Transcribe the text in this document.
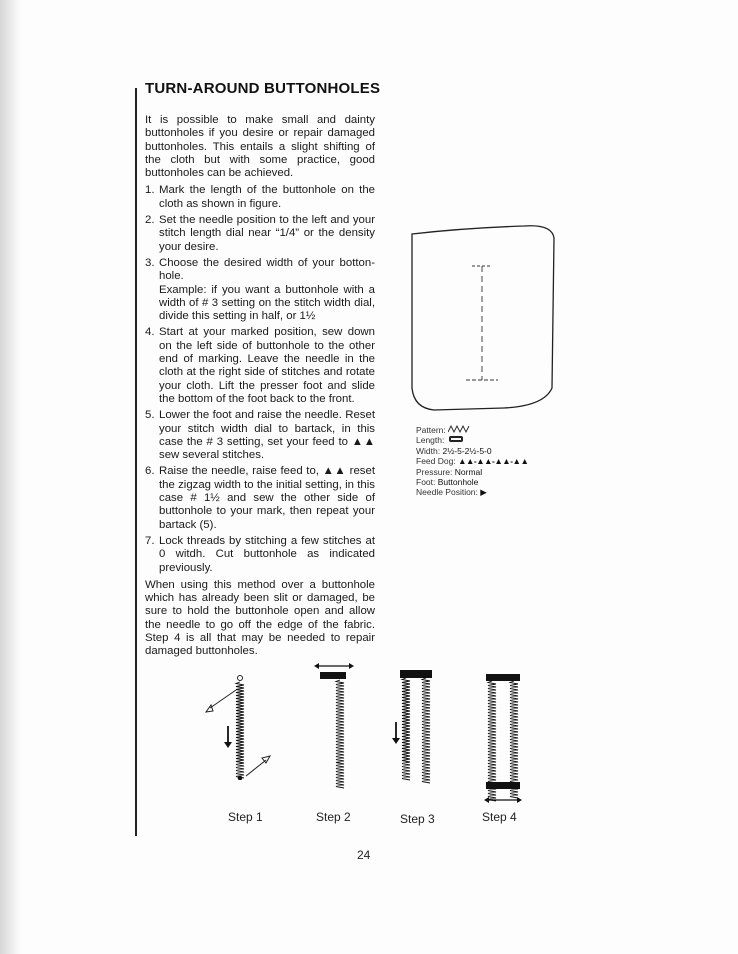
TURN-AROUND BUTTONHOLES

It is possible to make small and dainty buttonholes if you desire or repair damaged buttonholes. This entails a slight shifting of the cloth but with some practice, good buttonholes can be achieved.

1. Mark the length of the buttonhole on the cloth as shown in figure.
2. Set the needle position to the left and your stitch length dial near “1/4” or the density your desire.
3. Choose the desired width of your botton-hole.
Example: if you want a buttonhole with a width of # 3 setting on the stitch width dial, divide this setting in half, or 1½
4. Start at your marked position, sew down on the left side of buttonhole to the other end of marking. Leave the needle in the cloth at the right side of stitches and rotate your cloth. Lift the presser foot and slide the bottom of the foot back to the front.
5. Lower the foot and raise the needle. Reset your stitch width dial to bartack, in this case the # 3 setting, set your feed to ▲▲ sew several stitches.
6. Raise the needle, raise feed to, ▲▲ reset the zigzag width to the initial setting, in this case # 1½ and sew the other side of buttonhole to your mark, then repeat your bartack (5).
7. Lock threads by stitching a few stitches at 0 witdh. Cut buttonhole as indicated previously.

When using this method over a buttonhole which has already been slit or damaged, be sure to hold the buttonhole open and allow the needle to go off the edge of the fabric. Step 4 is all that may be needed to repair damaged buttonholes.

Pattern:
Length:
Width: 2½-5-2½-5-0
Feed Dog: ▲▲-▲▲-▲▲-▲▲
Pressure: Normal
Foot: Buttonhole
Needle Position: ▶
Step 1	Step 2	Step 3	Step 4
24
